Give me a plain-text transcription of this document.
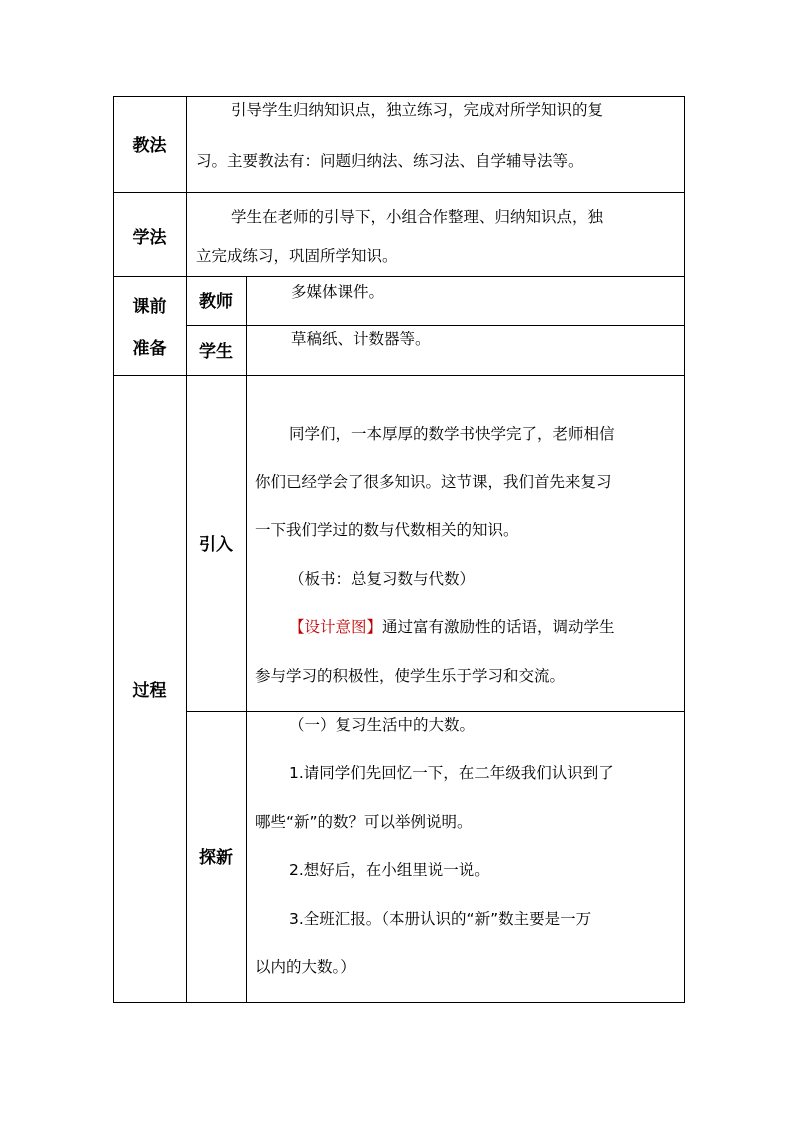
教法
引导学生归纳知识点，独立练习，完成对所学知识的复
习。主要教法有：问题归纳法、练习法、自学辅导法等。
学法
学生在老师的引导下，小组合作整理、归纳知识点，独
立完成练习，巩固所学知识。
课前
准备
教师	多媒体课件。
学生
草稿纸、计数器等。
过程
引入
同学们，一本厚厚的数学书快学完了，老师相信
你们已经学会了很多知识。这节课，我们首先来复习
一下我们学过的数与代数相关的知识。
（板书：总复习数与代数）
【设计意图】通过富有激励性的话语，调动学生
参与学习的积极性，使学生乐于学习和交流。
探新
（一）复习生活中的大数。
1.请同学们先回忆一下，在二年级我们认识到了
哪些“新”的数？可以举例说明。
2.想好后，在小组里说一说。
3.全班汇报。（本册认识的“新”数主要是一万
以内的大数。）
